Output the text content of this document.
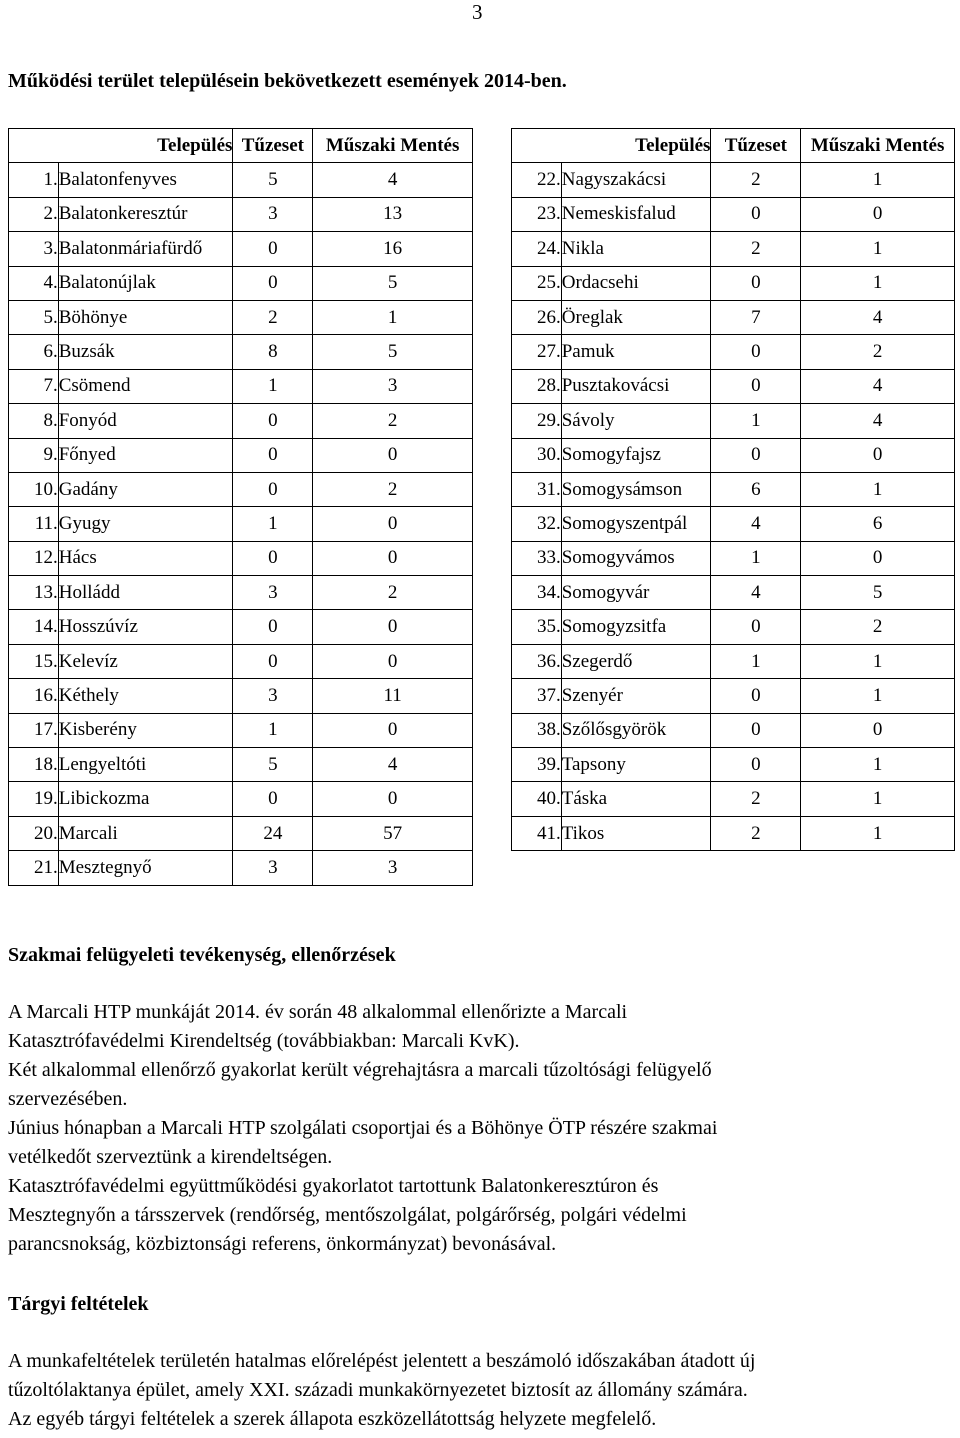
3
Működési terület településein bekövetkezett események 2014-ben.
Település		Tűzeset	Műszaki Mentés
1.	Balatonfenyves	5	4
2.	Balatonkeresztúr	3	13
3.	Balatonmáriafürdő	0	16
4.	Balatonújlak	0	5
5.	Böhönye	2	1
6.	Buzsák	8	5
7.	Csömend	1	3
8.	Fonyód	0	2
9.	Főnyed	0	0
10.	Gadány	0	2
11.	Gyugy	1	0
12.	Hács	0	0
13.	Holládd	3	2
14.	Hosszúvíz	0	0
15.	Kelevíz	0	0
16.	Kéthely	3	11
17.	Kisberény	1	0
18.	Lengyeltóti	5	4
19.	Libickozma	0	0
20.	Marcali	24	57
21.	Mesztegnyő	3	3
Település		Tűzeset	Műszaki Mentés
22.	Nagyszakácsi	2	1
23.	Nemeskisfalud	0	0
24.	Nikla	2	1
25.	Ordacsehi	0	1
26.	Öreglak	7	4
27.	Pamuk	0	2
28.	Pusztakovácsi	0	4
29.	Sávoly	1	4
30.	Somogyfajsz	0	0
31.	Somogysámson	6	1
32.	Somogyszentpál	4	6
33.	Somogyvámos	1	0
34.	Somogyvár	4	5
35.	Somogyzsitfa	0	2
36.	Szegerdő	1	1
37.	Szenyér	0	1
38.	Szőlősgyörök	0	0
39.	Tapsony	0	1
40.	Táska	2	1
41.	Tikos	2	1
Szakmai felügyeleti tevékenység, ellenőrzések
A Marcali HTP munkáját 2014. év során 48 alkalommal ellenőrizte a Marcali
Katasztrófavédelmi Kirendeltség (továbbiakban: Marcali KvK).
Két alkalommal ellenőrző gyakorlat került végrehajtásra a marcali tűzoltósági felügyelő
szervezésében.
Június hónapban a Marcali HTP szolgálati csoportjai és a Böhönye ÖTP részére szakmai
vetélkedőt szerveztünk a kirendeltségen.
Katasztrófavédelmi együttműködési gyakorlatot tartottunk Balatonkeresztúron és
Mesztegnyőn a társszervek (rendőrség, mentőszolgálat, polgárőrség, polgári védelmi
parancsnokság, közbiztonsági referens, önkormányzat) bevonásával.
Tárgyi feltételek
A munkafeltételek területén hatalmas előrelépést jelentett a beszámoló időszakában átadott új
tűzoltólaktanya épület, amely XXI. századi munkakörnyezetet biztosít az állomány számára.
Az egyéb tárgyi feltételek a szerek állapota eszközellátottság helyzete megfelelő.
